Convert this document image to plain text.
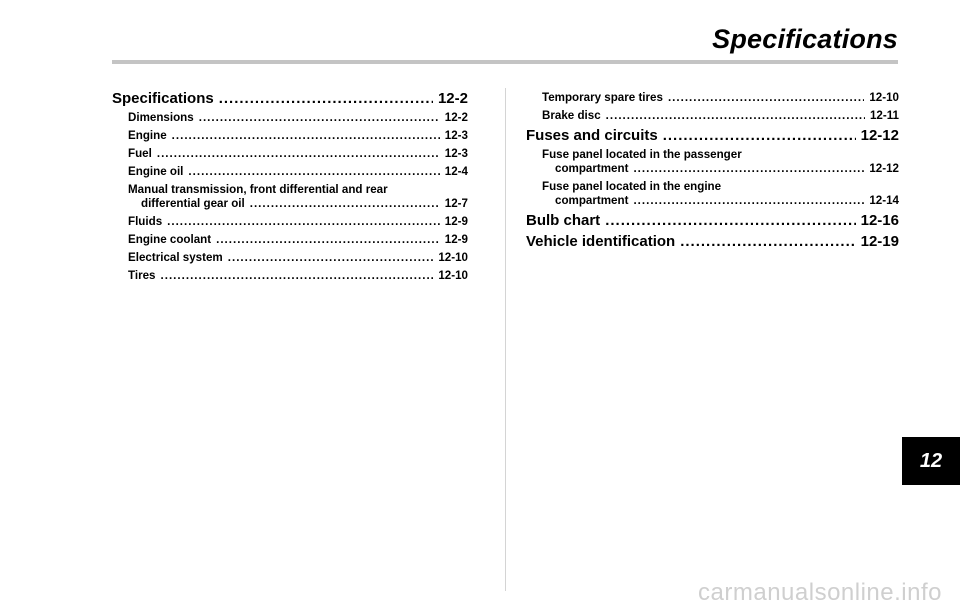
Specifications
Specifications .....	12-2
Dimensions .....	12-2
Engine .....	12-3
Fuel .....	12-3
Engine oil .....	12-4
Manual transmission, front differential and rear
differential gear oil .....	12-7
Fluids .....	12-9
Engine coolant .....	12-9
Electrical system .....	12-10
Tires .....	12-10
Temporary spare tires .....	12-10
Brake disc .....	12-11
Fuses and circuits .....	12-12
Fuse panel located in the passenger
compartment .....	12-12
Fuse panel located in the engine
compartment .....	12-14
Bulb chart .....	12-16
Vehicle identification .....	12-19
12
carmanualsonline.info
